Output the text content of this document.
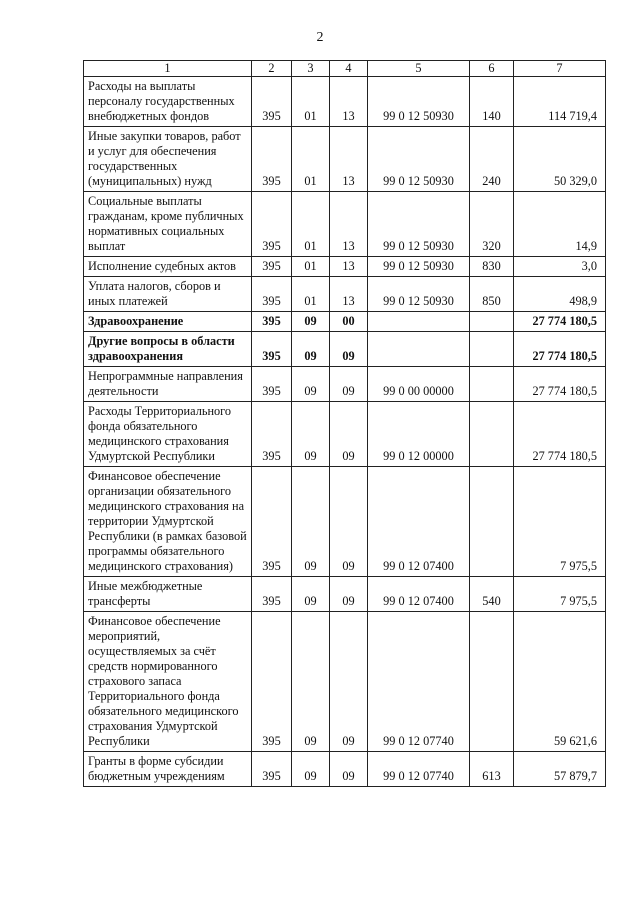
2
1	2	3	4	5	6	7
Расходы на выплаты персоналу государственных внебюджетных фондов	395	01	13	99 0 12 50930	140	114 719,4
Иные закупки товаров, работ и услуг для обеспечения государственных (муниципальных) нужд	395	01	13	99 0 12 50930	240	50 329,0
Социальные выплаты гражданам, кроме публичных нормативных социальных выплат	395	01	13	99 0 12 50930	320	14,9
Исполнение судебных актов	395	01	13	99 0 12 50930	830	3,0
Уплата налогов, сборов и иных платежей	395	01	13	99 0 12 50930	850	498,9
Здравоохранение	395	09	00			27 774 180,5
Другие вопросы в области здравоохранения	395	09	09			27 774 180,5
Непрограммные направления деятельности	395	09	09	99 0 00 00000		27 774 180,5
Расходы Территориального фонда обязательного медицинского страхования Удмуртской Республики	395	09	09	99 0 12 00000		27 774 180,5
Финансовое обеспечение организации обязательного медицинского страхования на территории Удмуртской Республики (в рамках базовой программы обязательного медицинского страхования)	395	09	09	99 0 12 07400		7 975,5
Иные межбюджетные трансферты	395	09	09	99 0 12 07400	540	7 975,5
Финансовое обеспечение мероприятий, осуществляемых за счёт средств нормированного страхового запаса Территориального фонда обязательного медицинского страхования Удмуртской Республики	395	09	09	99 0 12 07740		59 621,6
Гранты в форме субсидии бюджетным учреждениям	395	09	09	99 0 12 07740	613	57 879,7
